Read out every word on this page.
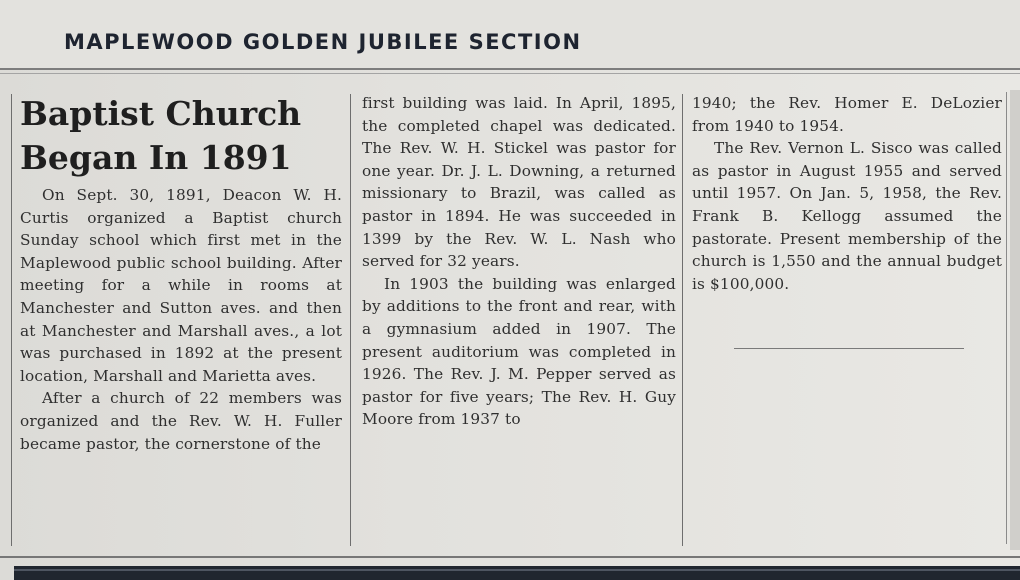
MAPLEWOOD GOLDEN JUBILEE SECTION
Baptist Church
Began In 1891

On Sept. 30, 1891, Deacon W. H. Curtis organized a Baptist church Sunday school which first met in the Maplewood public school building. After meeting for a while in rooms at Manchester and Sutton aves. and then at Manchester and Marshall aves., a lot was purchased in 1892 at the present location, Marshall and Marietta aves.

After a church of 22 members was organized and the Rev. W. H. Fuller became pastor, the cornerstone of the

first building was laid. In April, 1895, the completed chapel was dedicated. The Rev. W. H. Stickel was pastor for one year. Dr. J. L. Downing, a returned missionary to Brazil, was called as pastor in 1894. He was succeeded in 1399 by the Rev. W. L. Nash who served for 32 years.

In 1903 the building was enlarged by additions to the front and rear, with a gymnasium added in 1907. The present auditorium was completed in 1926. The Rev. J. M. Pepper served as pastor for five years; The Rev. H. Guy Moore from 1937 to

1940; the Rev. Homer E. DeLozier from 1940 to 1954.

The Rev. Vernon L. Sisco was called as pastor in August 1955 and served until 1957. On Jan. 5, 1958, the Rev. Frank B. Kellogg assumed the pastorate. Present membership of the church is 1,550 and the annual budget is $100,000.
